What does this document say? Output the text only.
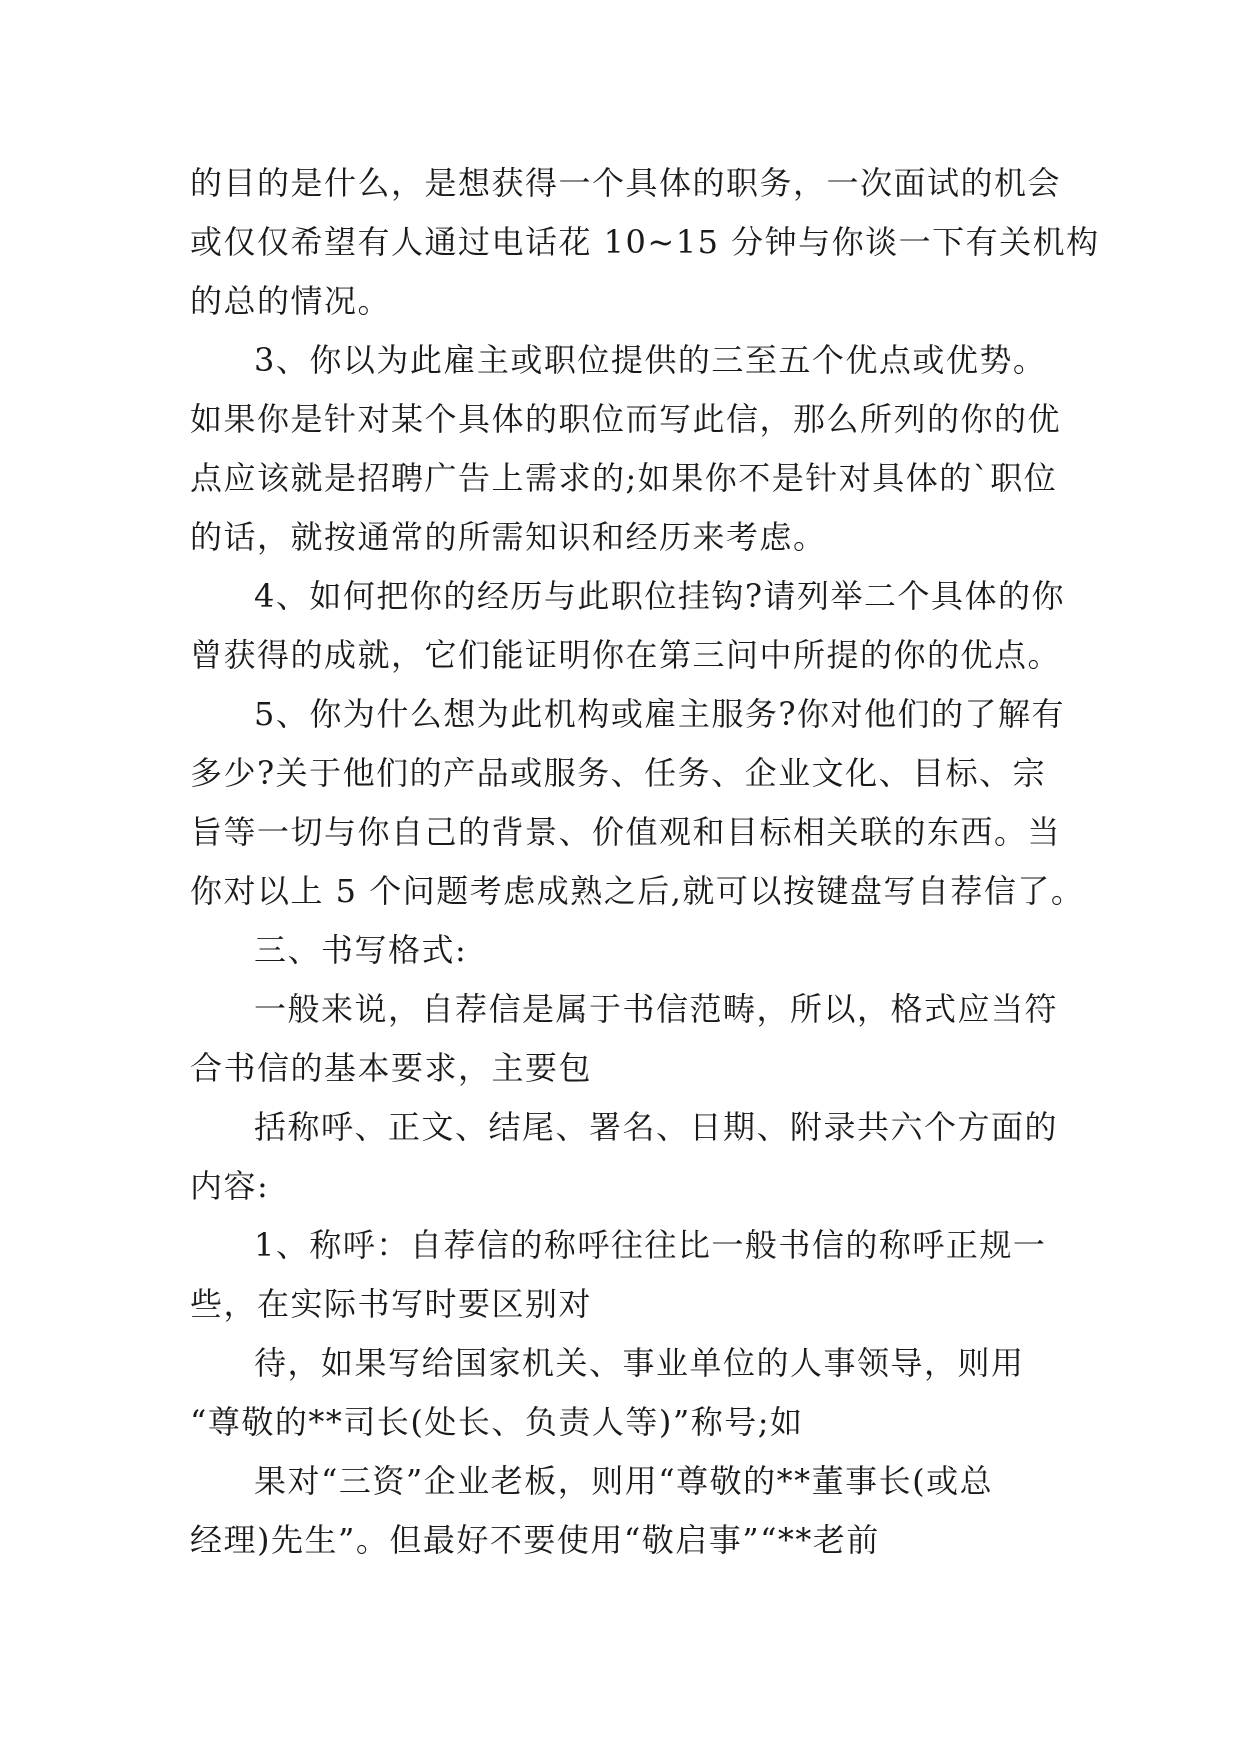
的目的是什么，是想获得一个具体的职务，一次面试的机会
或仅仅希望有人通过电话花 10~15 分钟与你谈一下有关机构
的总的情况。
3、你以为此雇主或职位提供的三至五个优点或优势。
如果你是针对某个具体的职位而写此信，那么所列的你的优
点应该就是招聘广告上需求的;如果你不是针对具体的`职位
的话，就按通常的所需知识和经历来考虑。
4、如何把你的经历与此职位挂钩?请列举二个具体的你
曾获得的成就，它们能证明你在第三问中所提的你的优点。
5、你为什么想为此机构或雇主服务?你对他们的了解有
多少?关于他们的产品或服务、任务、企业文化、目标、宗
旨等一切与你自己的背景、价值观和目标相关联的东西。当
你对以上 5 个问题考虑成熟之后,就可以按键盘写自荐信了。
三、书写格式:
一般来说，自荐信是属于书信范畴，所以，格式应当符
合书信的基本要求，主要包
括称呼、正文、结尾、署名、日期、附录共六个方面的
内容:
1、称呼：自荐信的称呼往往比一般书信的称呼正规一
些，在实际书写时要区别对
待，如果写给国家机关、事业单位的人事领导，则用
“尊敬的**司长(处长、负责人等)”称号;如
果对“三资”企业老板，则用“尊敬的**董事长(或总
经理)先生”。但最好不要使用“敬启事”“**老前
